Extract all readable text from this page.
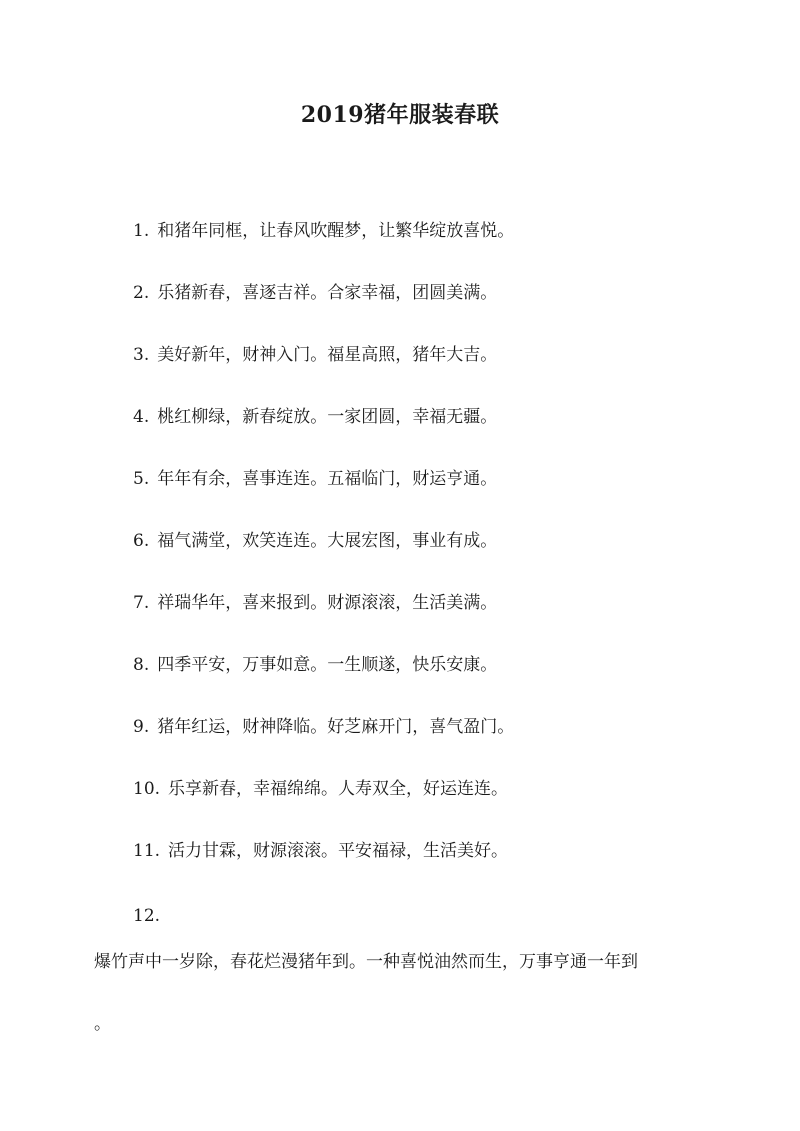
2019猪年服装春联
1. 和猪年同框，让春风吹醒梦，让繁华绽放喜悦。
2. 乐猪新春，喜逐吉祥。合家幸福，团圆美满。
3. 美好新年，财神入门。福星高照，猪年大吉。
4. 桃红柳绿，新春绽放。一家团圆，幸福无疆。
5. 年年有余，喜事连连。五福临门，财运亨通。
6. 福气满堂，欢笑连连。大展宏图，事业有成。
7. 祥瑞华年，喜来报到。财源滚滚，生活美满。
8. 四季平安，万事如意。一生顺遂，快乐安康。
9. 猪年红运，财神降临。好芝麻开门，喜气盈门。
10. 乐享新春，幸福绵绵。人寿双全，好运连连。
11. 活力甘霖，财源滚滚。平安福禄，生活美好。
12.
爆竹声中一岁除，春花烂漫猪年到。一种喜悦油然而生，万事亨通一年到
。
